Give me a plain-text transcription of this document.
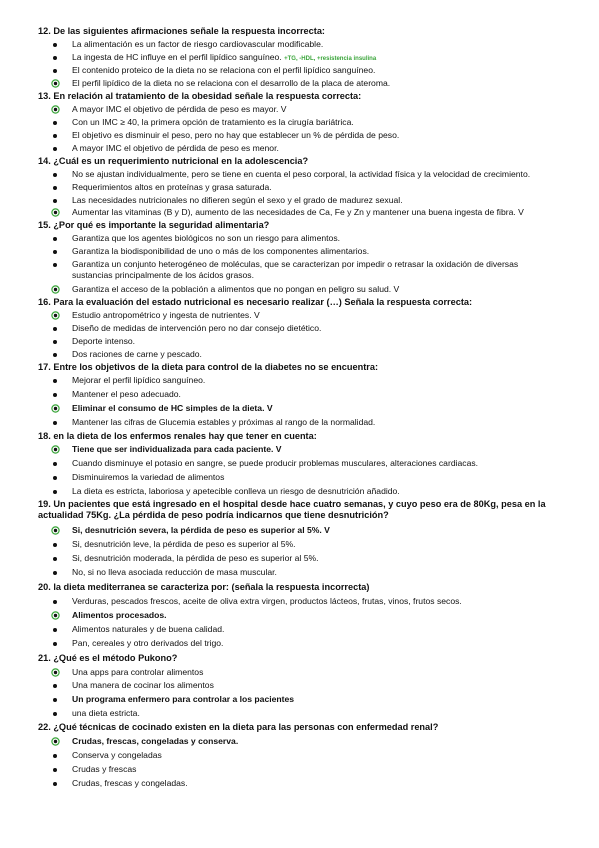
12. De las siguientes afirmaciones señale la respuesta incorrecta:
La alimentación es un factor de riesgo cardiovascular modificable.
La ingesta de HC influye en el perfil lipídico sanguíneo. +TG, -HDL, +resistencia insulina
El contenido proteico de la dieta no se relaciona con el perfil lipídico sanguíneo.
El perfil lipídico de la dieta no se relaciona con el desarrollo de la placa de ateroma.
13. En relación al tratamiento de la obesidad señale la respuesta correcta:
A mayor IMC el objetivo de pérdida de peso es mayor. V
Con un IMC ≥ 40, la primera opción de tratamiento es la cirugía bariátrica.
El objetivo es disminuir el peso, pero no hay que establecer un % de pérdida de peso.
A mayor IMC el objetivo de pérdida de peso es menor.
14. ¿Cuál es un requerimiento nutricional en la adolescencia?
No se ajustan individualmente, pero se tiene en cuenta el peso corporal, la actividad física y la velocidad de crecimiento.
Requerimientos altos en proteínas y grasa saturada.
Las necesidades nutricionales no difieren según el sexo y el grado de madurez sexual.
Aumentar las vitaminas (B y D), aumento de las necesidades de Ca, Fe y Zn y mantener una buena ingesta de fibra. V
15. ¿Por qué es importante la seguridad alimentaria?
Garantiza que los agentes biológicos no son un riesgo para alimentos.
Garantiza la biodisponibilidad de uno o más de los componentes alimentarios.
Garantiza un conjunto heterogéneo de moléculas, que se caracterizan por impedir o retrasar la oxidación de diversas sustancias principalmente de los ácidos grasos.
Garantiza el acceso de la población a alimentos que no pongan en peligro su salud. V
16. Para la evaluación del estado nutricional es necesario realizar (…) Señala la respuesta correcta:
Estudio antropométrico y ingesta de nutrientes. V
Diseño de medidas de intervención pero no dar consejo dietético.
Deporte intenso.
Dos raciones de carne y pescado.
17. Entre los objetivos de la dieta para control de la diabetes no se encuentra:
Mejorar el perfil lipídico sanguíneo.
Mantener el peso adecuado.
Eliminar el consumo de HC simples de la dieta. V
Mantener las cifras de Glucemia estables y próximas al rango de la normalidad.
18. en la dieta de los enfermos renales hay que tener en cuenta:
Tiene que ser individualizada para cada paciente. V
Cuando disminuye el potasio en sangre, se puede producir problemas musculares, alteraciones cardiacas.
Disminuiremos la variedad de alimentos
La dieta es estricta, laboriosa y apetecible conlleva un riesgo de desnutrición añadido.
19. Un pacientes que está ingresado en el hospital desde hace cuatro semanas, y cuyo peso era de 80Kg, pesa en la actualidad 75Kg. ¿La pérdida de peso podría indicarnos que tiene desnutrición?
Si, desnutrición severa, la pérdida de peso es superior al 5%. V
Si, desnutrición leve, la pérdida de peso es superior al 5%.
Si, desnutrición moderada, la pérdida de peso es superior al 5%.
No, si no lleva asociada reducción de masa muscular.
20. la dieta mediterranea se caracteriza por: (señala la respuesta incorrecta)
Verduras, pescados frescos, aceite de oliva extra virgen, productos lácteos, frutas, vinos, frutos secos.
Alimentos procesados.
Alimentos naturales y de buena calidad.
Pan, cereales y otro derivados del trigo.
21. ¿Qué es el método Pukono?
Una apps para controlar alimentos
Una manera de cocinar los alimentos
Un programa enfermero para controlar a los pacientes
una dieta estricta.
22. ¿Qué técnicas de cocinado existen en la dieta para las personas con enfermedad renal?
Crudas, frescas, congeladas y conserva.
Conserva y congeladas
Crudas y frescas
Crudas, frescas y congeladas.
